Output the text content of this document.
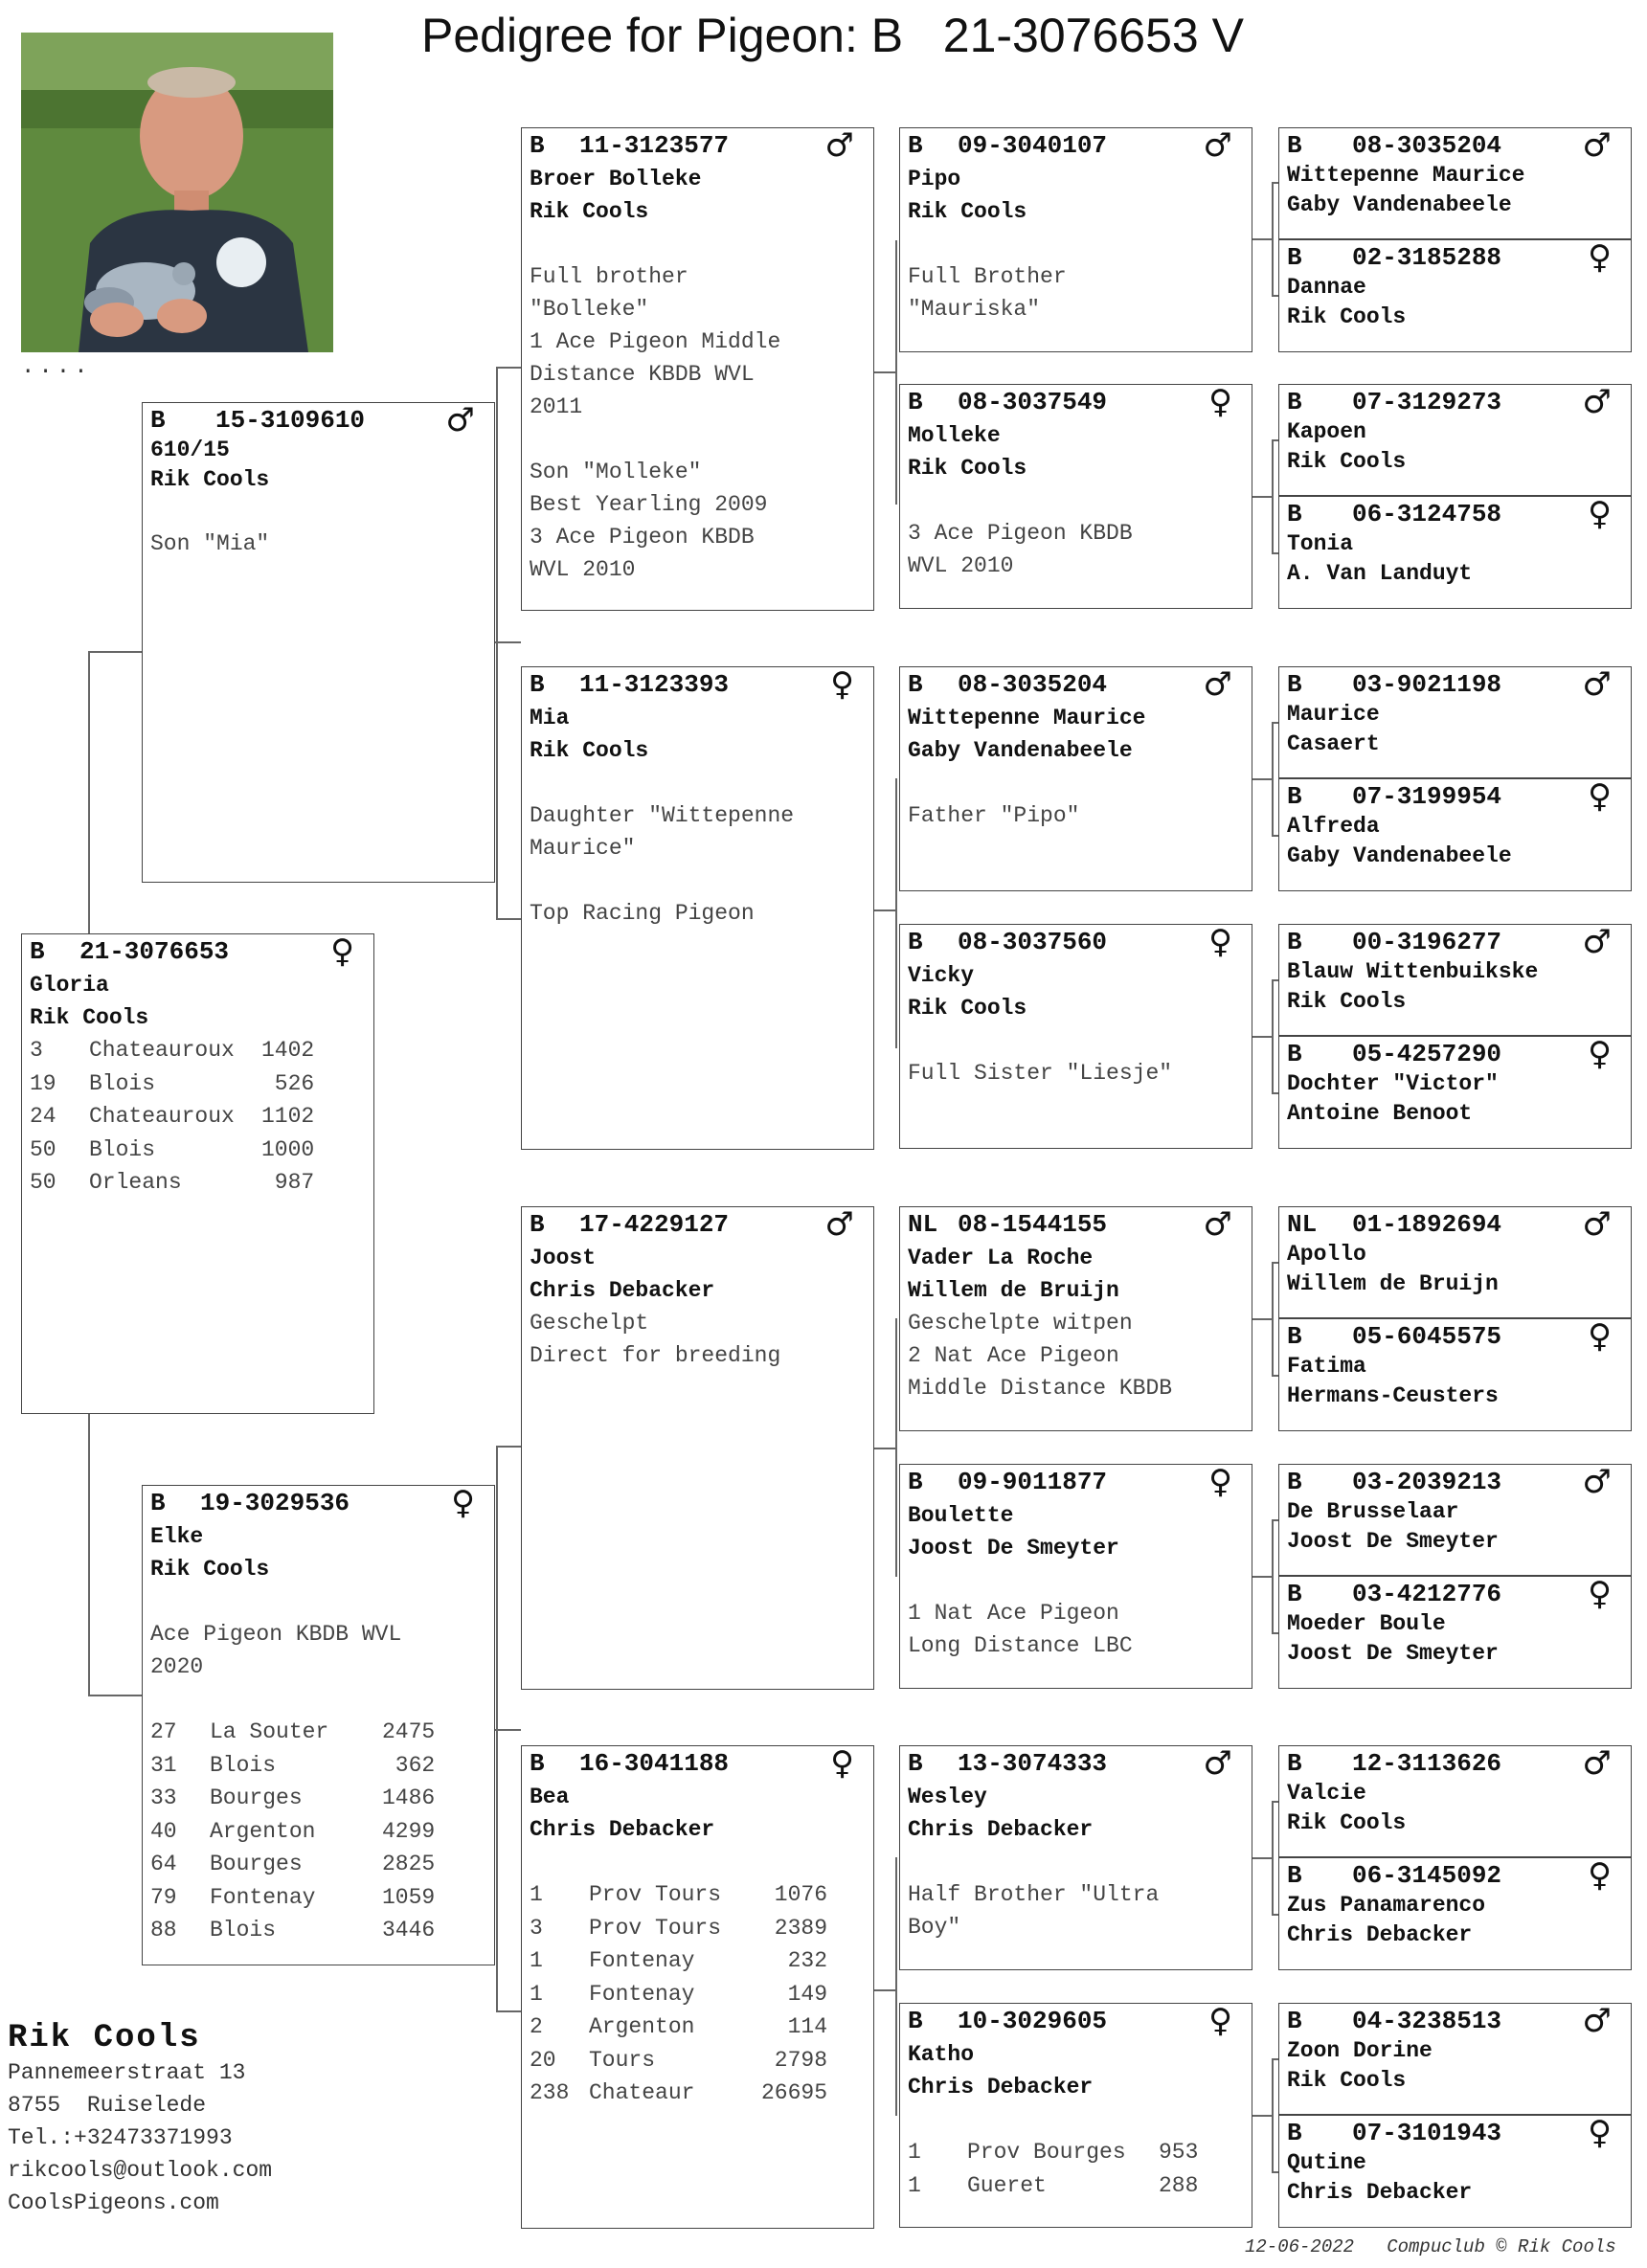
Pedigree for Pigeon: B   21-3076653 V
....
B 21-3076653	♀
Gloria
Rik Cools
3	Chateauroux	1402
19	Blois	526
24	Chateauroux	1102
50	Blois	1000
50	Orleans	987
B 15-3109610 ♂
610/15
Rik Cools

Son "Mia"
B 19-3029536	♀
Elke
Rik Cools

Ace Pigeon KBDB WVL
2020

27	La Souter	2475
31	Blois	362
33	Bourges	1486
40	Argenton	4299
64	Bourges	2825
79	Fontenay	1059
88	Blois	3446
B 11-3123577	♂
Broer Bolleke
Rik Cools

Full brother
"Bolleke"
1 Ace Pigeon Middle
Distance KBDB WVL
2011

Son "Molleke"
Best Yearling 2009
3 Ace Pigeon KBDB
WVL 2010
B 11-3123393	♀
Mia
Rik Cools

Daughter "Wittepenne
Maurice"

Top Racing Pigeon
B 17-4229127	♂
Joost
Chris Debacker
Geschelpt
Direct for breeding
B 16-3041188	♀
Bea
Chris Debacker

1	Prov Tours	1076
3	Prov Tours	2389
1	Fontenay	232
1	Fontenay	149
2	Argenton	114
20	Tours	2798
238	Chateaur	26695
B 09-3040107	♂
Pipo
Rik Cools

Full Brother
"Mauriska"
B 08-3037549	♀
Molleke
Rik Cools

3 Ace Pigeon KBDB
WVL 2010
B 08-3035204	♂
Wittepenne Maurice
Gaby Vandenabeele

Father "Pipo"
B 08-3037560	♀
Vicky
Rik Cools

Full Sister "Liesje"
NL 08-1544155	♂
Vader La Roche
Willem de Bruijn
Geschelpte witpen
2 Nat Ace Pigeon
Middle Distance KBDB
B 09-9011877	♀
Boulette
Joost De Smeyter

1 Nat Ace Pigeon
Long Distance LBC
B 13-3074333	♂
Wesley
Chris Debacker

Half Brother "Ultra
Boy"
B 10-3029605	♀
Katho
Chris Debacker

1	Prov Bourges	953
1	Gueret	288
B 08-3035204 ♂
Wittepenne Maurice
Gaby Vandenabeele
B 02-3185288	♀
Dannae
Rik Cools
B 07-3129273 ♂
Kapoen
Rik Cools
B 06-3124758	♀
Tonia
A. Van Landuyt
B 03-9021198 ♂
Maurice
Casaert
B 07-3199954	♀
Alfreda
Gaby Vandenabeele
B 00-3196277 ♂
Blauw Wittenbuikske
Rik Cools
B 05-4257290	♀
Dochter "Victor"
Antoine Benoot
NL 01-1892694 ♂
Apollo
Willem de Bruijn
B 05-6045575	♀
Fatima
Hermans-Ceusters
B 03-2039213 ♂
De Brusselaar
Joost De Smeyter
B 03-4212776	♀
Moeder Boule
Joost De Smeyter
B 12-3113626 ♂
Valcie
Rik Cools
B 06-3145092	♀
Zus Panamarenco
Chris Debacker
B 04-3238513 ♂
Zoon Dorine
Rik Cools
B 07-3101943	♀
Qutine
Chris Debacker
Rik Cools
Pannemeerstraat 13
8755  Ruiselede
Tel.:+32473371993
rikcools@outlook.com
CoolsPigeons.com
12-06-2022   Compuclub © Rik Cools
